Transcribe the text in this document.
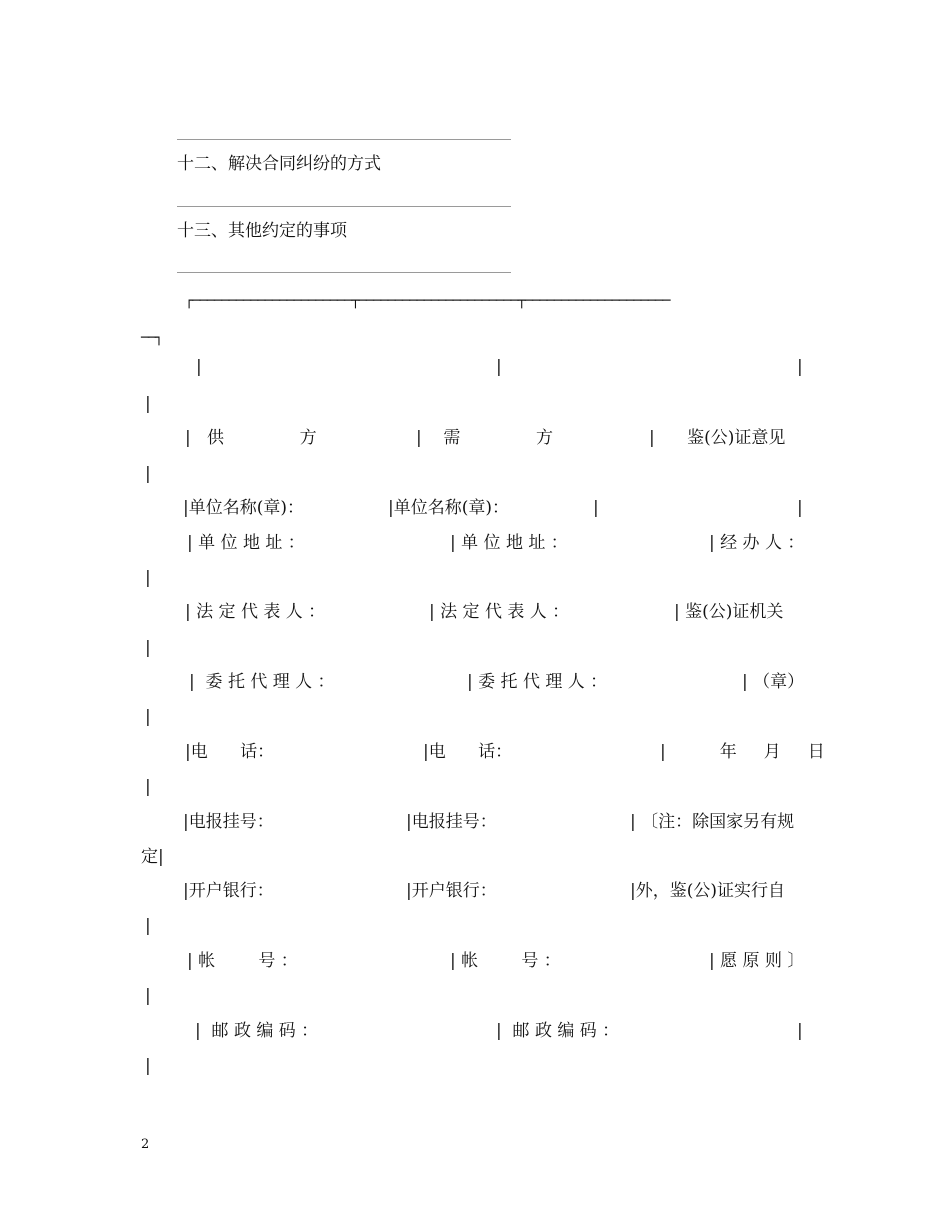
十二、解决合同纠纷的方式
十三、其他约定的事项
┌──────────────────────┬──────────────────────┬────────────────────
──┐
|	|	|
|
|   供              方	|    需              方	|      鉴(公)证意见
|
|单位名称(章)：	|单位名称(章)：	|	|
| 单 位 地 址 ：	| 单 位 地 址 ：	| 经 办 人 ：
|
| 法 定 代 表 人 ：	| 法 定 代 表 人 ：	| 鉴(公)证机关
|
|  委 托 代 理 人 ：	| 委 托 代 理 人 ：	| （章）
|
|电      话：	|电      话：	|          年     月     日
|
|电报挂号：	|电报挂号：	| 〔注：除国家另有规
定|
|开户银行：	|开户银行：	|外，鉴(公)证实行自
|
| 帐        号 ：	| 帐        号 ：	| 愿 原 则 〕
|
|  邮 政 编 码 ：	|  邮 政 编 码 ：	|
|
2
